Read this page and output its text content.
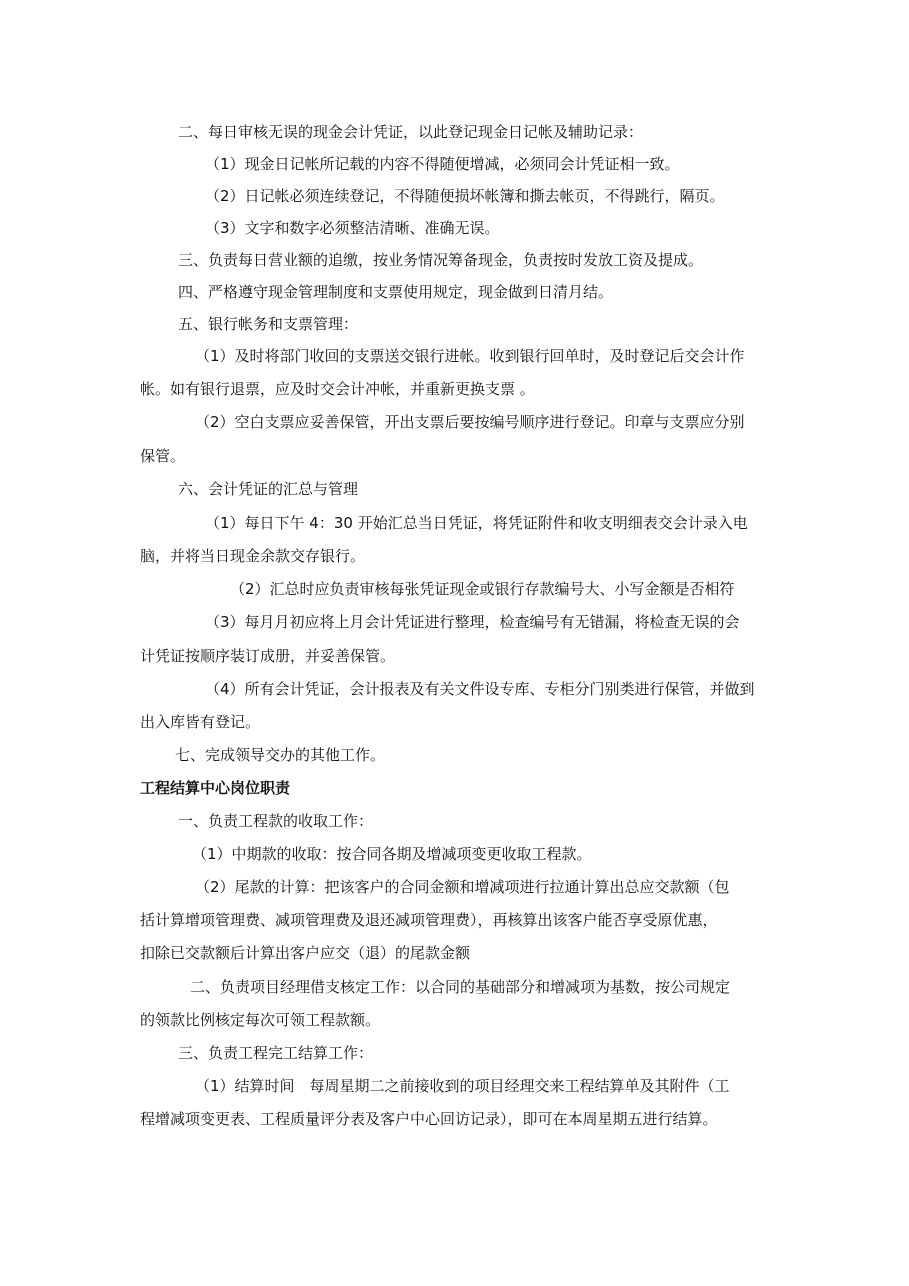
二、每日审核无误的现金会计凭证，以此登记现金日记帐及辅助记录：
（1）现金日记帐所记载的内容不得随便增减，必须同会计凭证相一致。
（2）日记帐必须连续登记，不得随便损坏帐簿和撕去帐页，不得跳行，隔页。
（3）文字和数字必须整洁清晰、准确无误。
三、负责每日营业额的追缴，按业务情况筹备现金，负责按时发放工资及提成。
四、严格遵守现金管理制度和支票使用规定，现金做到日清月结。
五、银行帐务和支票管理：
（1）及时将部门收回的支票送交银行进帐。收到银行回单时，及时登记后交会计作
帐。如有银行退票，应及时交会计冲帐，并重新更换支票 。
（2）空白支票应妥善保管，开出支票后要按编号顺序进行登记。印章与支票应分别
保管。
六、会计凭证的汇总与管理
（1）每日下午 4：30 开始汇总当日凭证，将凭证附件和收支明细表交会计录入电
脑，并将当日现金余款交存银行。
（2）汇总时应负责审核每张凭证现金或银行存款编号大、小写金额是否相符
（3）每月月初应将上月会计凭证进行整理，检查编号有无错漏，将检查无误的会
计凭证按顺序装订成册，并妥善保管。
（4）所有会计凭证，会计报表及有关文件设专库、专柜分门别类进行保管，并做到
出入库皆有登记。
七、完成领导交办的其他工作。
工程结算中心岗位职责
一、负责工程款的收取工作：
（1）中期款的收取：按合同各期及增减项变更收取工程款。
（2）尾款的计算：把该客户的合同金额和增减项进行拉通计算出总应交款额（包
括计算增项管理费、减项管理费及退还减项管理费），再核算出该客户能否享受原优惠，
扣除已交款额后计算出客户应交（退）的尾款金额
二、负责项目经理借支核定工作：以合同的基础部分和增减项为基数，按公司规定
的领款比例核定每次可领工程款额。
三、负责工程完工结算工作：
（1）结算时间　每周星期二之前接收到的项目经理交来工程结算单及其附件（工
程增减项变更表、工程质量评分表及客户中心回访记录），即可在本周星期五进行结算。
